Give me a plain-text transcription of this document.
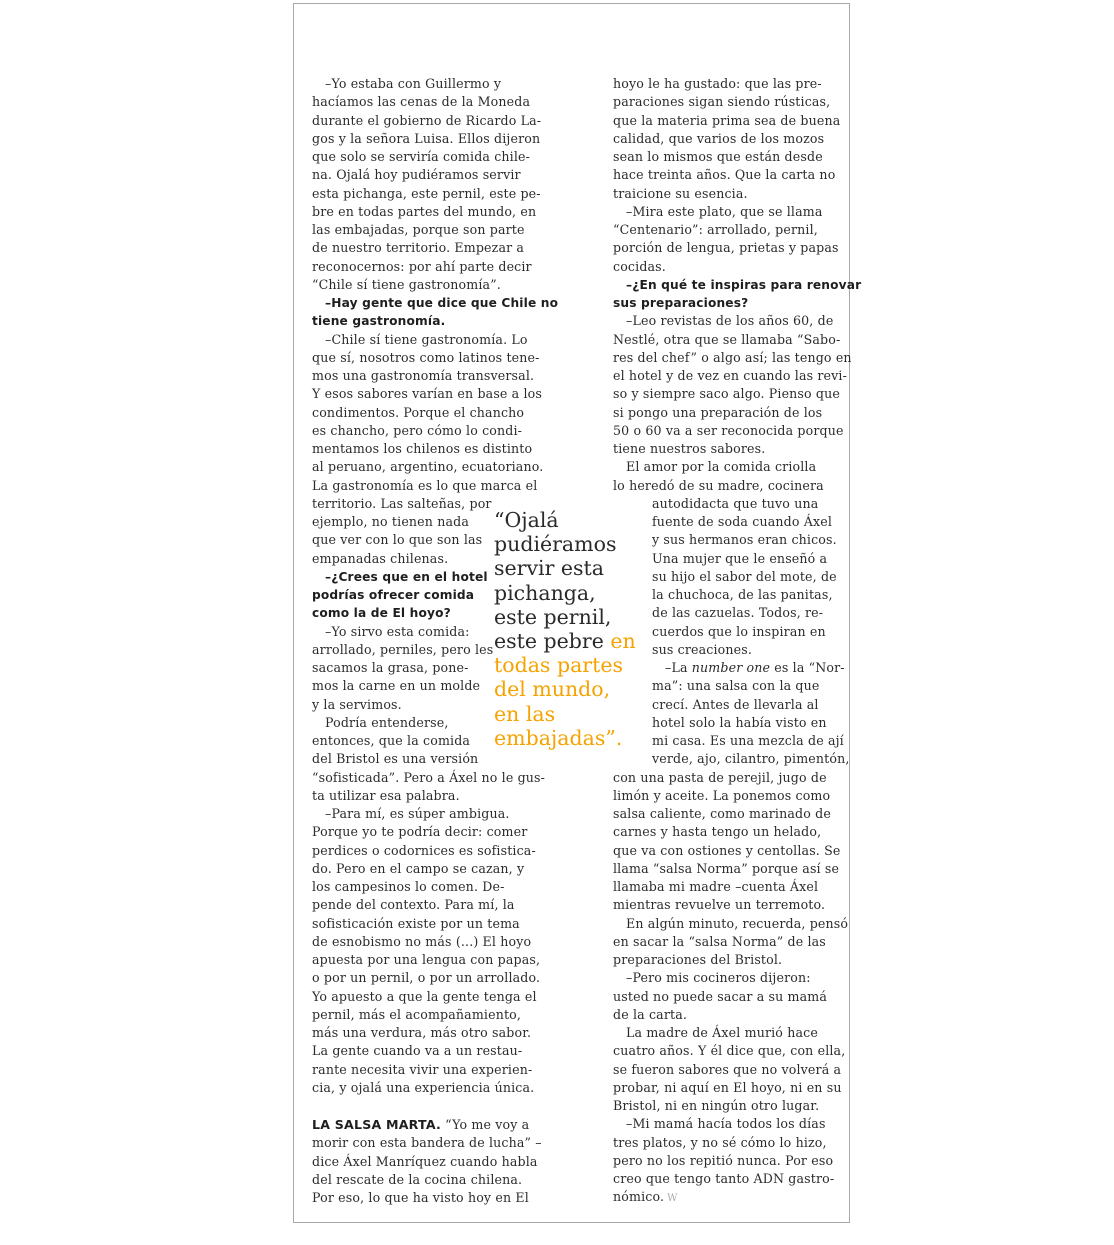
–Yo estaba con Guillermo y
hacíamos las cenas de la Moneda
durante el gobierno de Ricardo La-
gos y la señora Luisa. Ellos dijeron
que solo se serviría comida chile-
na. Ojalá hoy pudiéramos servir
esta pichanga, este pernil, este pe-
bre en todas partes del mundo, en
las embajadas, porque son parte
de nuestro territorio. Empezar a
reconocernos: por ahí parte decir
“Chile sí tiene gastronomía”.
–Hay gente que dice que Chile no
tiene gastronomía.
–Chile sí tiene gastronomía. Lo
que sí, nosotros como latinos tene-
mos una gastronomía transversal.
Y esos sabores varían en base a los
condimentos. Porque el chancho
es chancho, pero cómo lo condi-
mentamos los chilenos es distinto
al peruano, argentino, ecuatoriano.
La gastronomía es lo que marca el
territorio. Las salteñas, por
ejemplo, no tienen nada
que ver con lo que son las
empanadas chilenas.
–¿Crees que en el hotel
podrías ofrecer comida
como la de El hoyo?
–Yo sirvo esta comida:
arrollado, perniles, pero les
sacamos la grasa, pone-
mos la carne en un molde
y la servimos.
Podría entenderse,
entonces, que la comida
del Bristol es una versión
“sofisticada”. Pero a Áxel no le gus-
ta utilizar esa palabra.
–Para mí, es súper ambigua.
Porque yo te podría decir: comer
perdices o codornices es sofistica-
do. Pero en el campo se cazan, y
los campesinos lo comen. De-
pende del contexto. Para mí, la
sofisticación existe por un tema
de esnobismo no más (...) El hoyo
apuesta por una lengua con papas,
o por un pernil, o por un arrollado.
Yo apuesto a que la gente tenga el
pernil, más el acompañamiento,
más una verdura, más otro sabor.
La gente cuando va a un restau-
rante necesita vivir una experien-
cia, y ojalá una experiencia única.
LA SALSA MARTA. “Yo me voy a
morir con esta bandera de lucha” –
dice Áxel Manríquez cuando habla
del rescate de la cocina chilena.
Por eso, lo que ha visto hoy en El
hoyo le ha gustado: que las pre-
paraciones sigan siendo rústicas,
que la materia prima sea de buena
calidad, que varios de los mozos
sean lo mismos que están desde
hace treinta años. Que la carta no
traicione su esencia.
–Mira este plato, que se llama
“Centenario”: arrollado, pernil,
porción de lengua, prietas y papas
cocidas.
–¿En qué te inspiras para renovar
sus preparaciones?
–Leo revistas de los años 60, de
Nestlé, otra que se llamaba “Sabo-
res del chef” o algo así; las tengo en
el hotel y de vez en cuando las revi-
so y siempre saco algo. Pienso que
si pongo una preparación de los
50 o 60 va a ser reconocida porque
tiene nuestros sabores.
El amor por la comida criolla
lo heredó de su madre, cocinera
autodidacta que tuvo una
fuente de soda cuando Áxel
y sus hermanos eran chicos.
Una mujer que le enseñó a
su hijo el sabor del mote, de
la chuchoca, de las panitas,
de las cazuelas. Todos, re-
cuerdos que lo inspiran en
sus creaciones.
–La number one es la “Nor-
ma”: una salsa con la que
crecí. Antes de llevarla al
hotel solo la había visto en
mi casa. Es una mezcla de ají
verde, ajo, cilantro, pimentón,
con una pasta de perejil, jugo de
limón y aceite. La ponemos como
salsa caliente, como marinado de
carnes y hasta tengo un helado,
que va con ostiones y centollas. Se
llama “salsa Norma” porque así se
llamaba mi madre –cuenta Áxel
mientras revuelve un terremoto.
En algún minuto, recuerda, pensó
en sacar la “salsa Norma” de las
preparaciones del Bristol.
–Pero mis cocineros dijeron:
usted no puede sacar a su mamá
de la carta.
La madre de Áxel murió hace
cuatro años. Y él dice que, con ella,
se fueron sabores que no volverá a
probar, ni aquí en El hoyo, ni en su
Bristol, ni en ningún otro lugar.
–Mi mamá hacía todos los días
tres platos, y no sé cómo lo hizo,
pero no los repitió nunca. Por eso
creo que tengo tanto ADN gastro-
nómico. W
“Ojalá
pudiéramos
servir esta
pichanga,
este pernil,
este pebre en
todas partes
del mundo,
en las
embajadas”.
